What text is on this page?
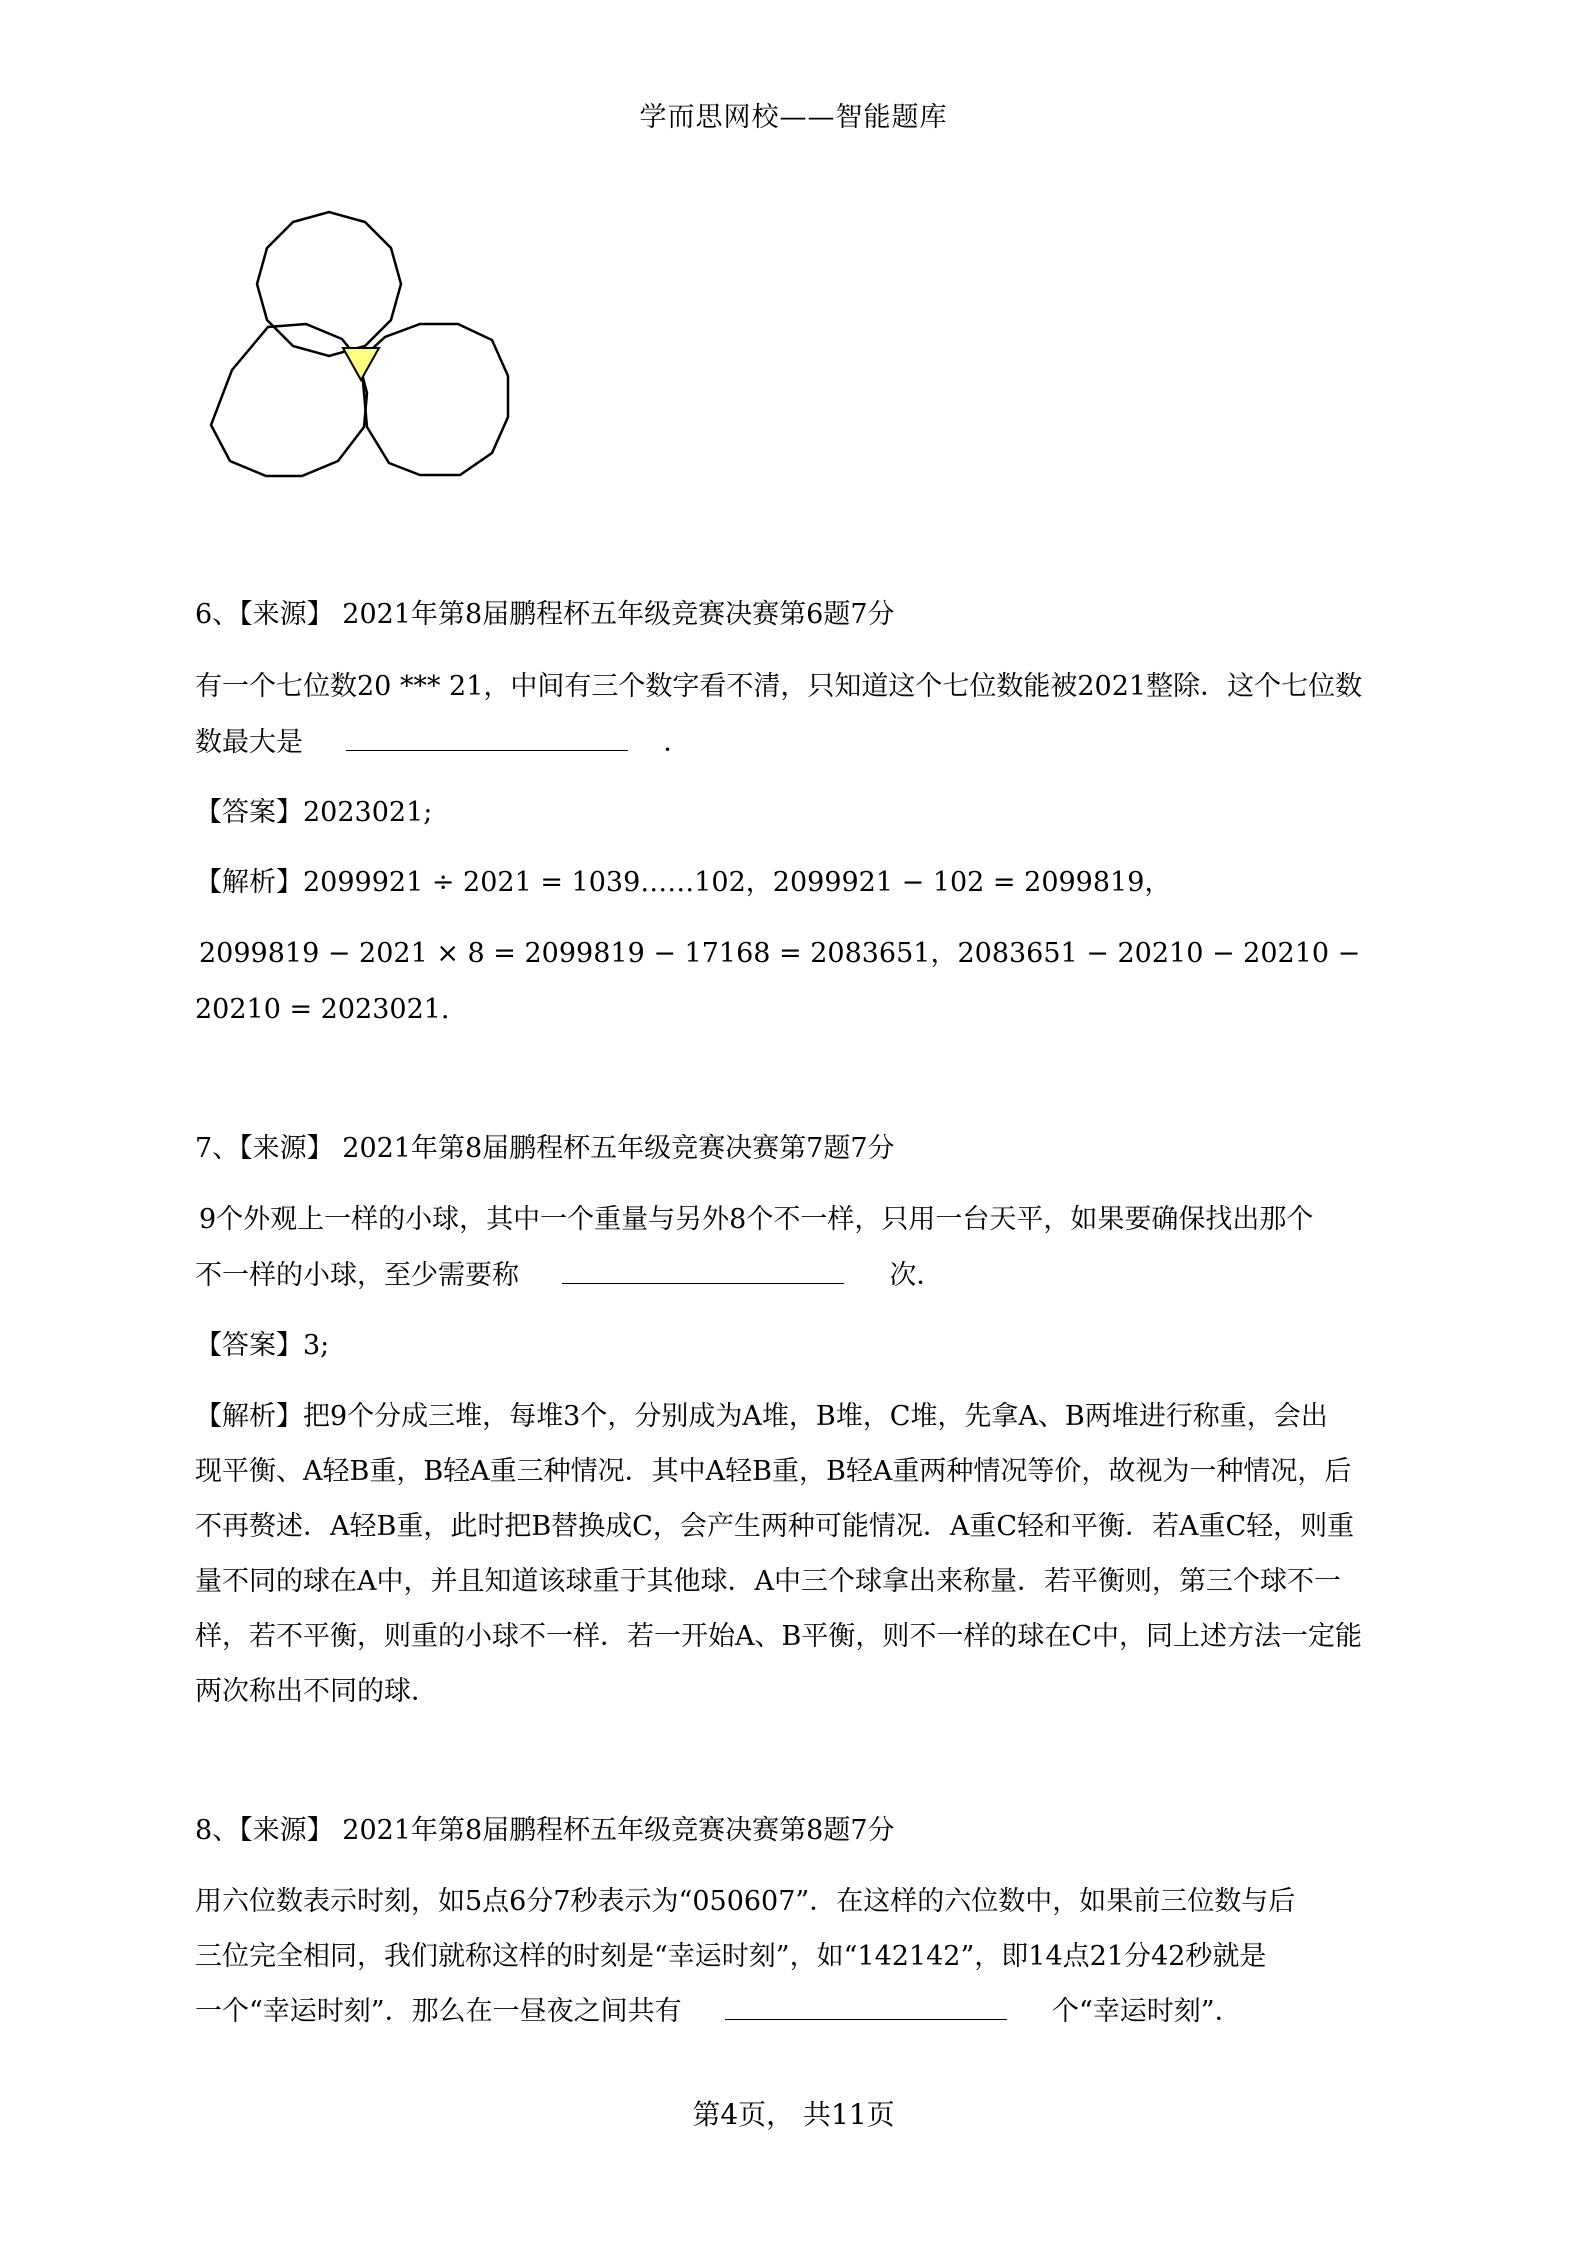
学而思网校——智能题库
6、【来源】 2021年第8届鹏程杯五年级竞赛决赛第6题7分
有一个七位数20 *** 21，中间有三个数字看不清，只知道这个七位数能被2021整除．这个七位数
数最大是	．
【答案】2023021;
【解析】2099921 ÷ 2021 = 1039……102，2099921 − 102 = 2099819，
2099819 − 2021 × 8 = 2099819 − 17168 = 2083651，2083651 − 20210 − 20210 −
20210 = 2023021.
7、【来源】 2021年第8届鹏程杯五年级竞赛决赛第7题7分
9个外观上一样的小球，其中一个重量与另外8个不一样，只用一台天平，如果要确保找出那个
不一样的小球，至少需要称	次．
【答案】3;
【解析】把9个分成三堆，每堆3个，分别成为A堆，B堆，C堆，先拿A、B两堆进行称重，会出
现平衡、A轻B重，B轻A重三种情况．其中A轻B重，B轻A重两种情况等价，故视为一种情况，后
不再赘述．A轻B重，此时把B替换成C，会产生两种可能情况．A重C轻和平衡．若A重C轻，则重
量不同的球在A中，并且知道该球重于其他球．A中三个球拿出来称量．若平衡则，第三个球不一
样，若不平衡，则重的小球不一样．若一开始A、B平衡，则不一样的球在C中，同上述方法一定能
两次称出不同的球．
8、【来源】 2021年第8届鹏程杯五年级竞赛决赛第8题7分
用六位数表示时刻，如5点6分7秒表示为“050607”．在这样的六位数中，如果前三位数与后
三位完全相同，我们就称这样的时刻是“幸运时刻”，如“142142”，即14点21分42秒就是
一个“幸运时刻”．那么在一昼夜之间共有	个“幸运时刻”．
第4页， 共11页
